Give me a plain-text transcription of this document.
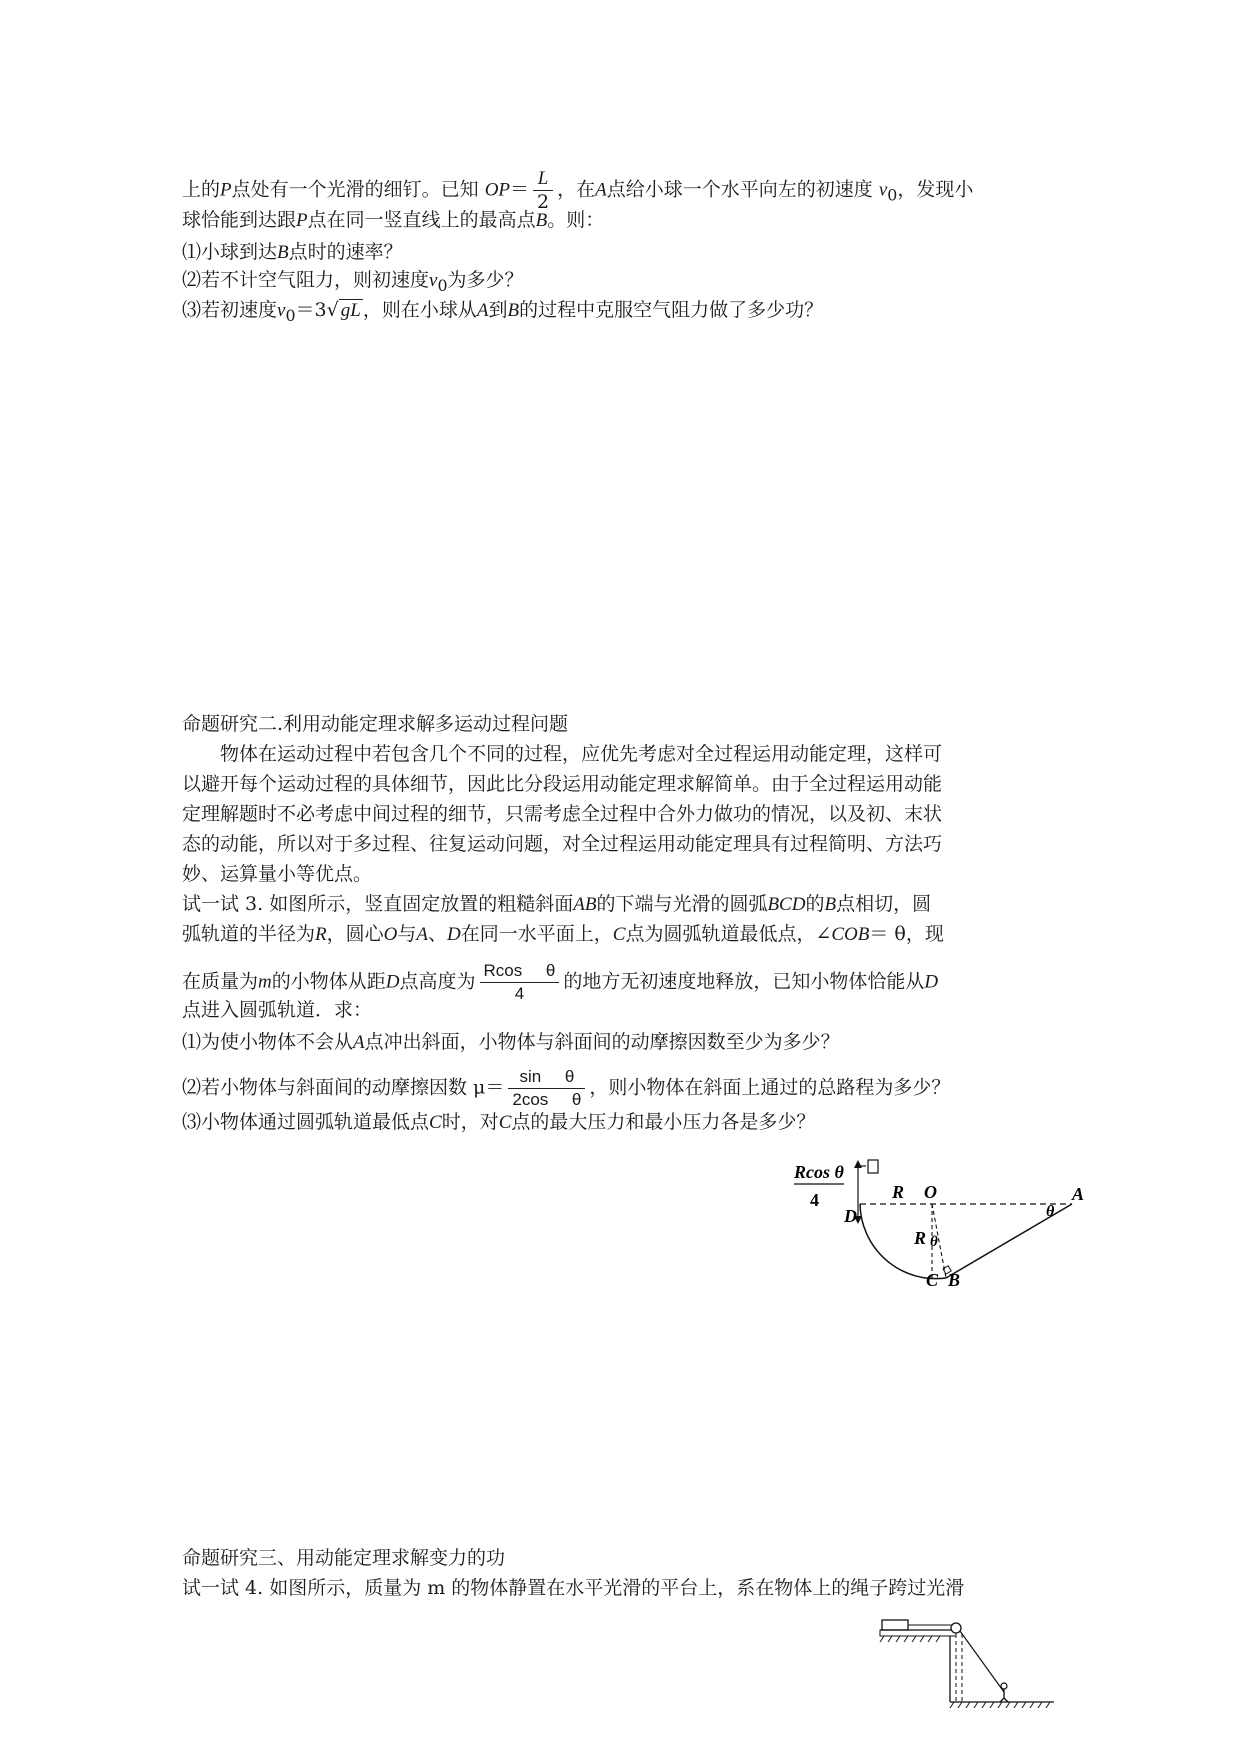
上的P点处有一个光滑的细钉。已知 $OP= \frac{L}{2}$ ，在A点给小球一个水平向左的初速度 $v_0$，发现小
球恰能到达跟P点在同一竖直线上的最高点B。则：
⑴小球到达B点时的速率？
⑵若不计空气阻力，则初速度$v_0$为多少？
⑶若初速度$v_0=3√$ gL ，则在小球从A到B的过程中克服空气阻力做了多少功？
命题研究二.利用动能定理求解多运动过程问题
物体在运动过程中若包含几个不同的过程，应优先考虑对全过程运用动能定理，这样可
以避开每个运动过程的具体细节，因此比分段运用动能定理求解简单。由于全过程运用动能
定理解题时不必考虑中间过程的细节，只需考虑全过程中合外力做功的情况，以及初、末状
态的动能，所以对于多过程、往复运动问题，对全过程运用动能定理具有过程简明、方法巧
妙、运算量小等优点。
试一试 3. 如图所示，竖直固定放置的粗糙斜面AB的下端与光滑的圆弧BCD的B点相切，圆
弧轨道的半径为R，圆心O与A、D在同一水平面上，C点为圆弧轨道最低点，∠COB＝ θ，现
在质量为m的小物体从距D点高度为 $\frac{\text{Rcos     θ}}{4}$ 的地方无初速度地释放，已知小物体恰能从D
点进入圆弧轨道．求：
⑴为使小物体不会从A点冲出斜面，小物体与斜面间的动摩擦因数至少为多少？
⑵若小物体与斜面间的动摩擦因数 $\mu= \frac{\text{sin     θ}}{\text{2cos     θ}}$ ，则小物体在斜面上通过的总路程为多少？
⑶小物体通过圆弧轨道最低点C时，对C点的最大压力和最小压力各是多少？
Rcos θ
4	R O	A
D	θ
R θ
C B
命题研究三、用动能定理求解变力的功
试一试 4. 如图所示，质量为 m 的物体静置在水平光滑的平台上，系在物体上的绳子跨过光滑
